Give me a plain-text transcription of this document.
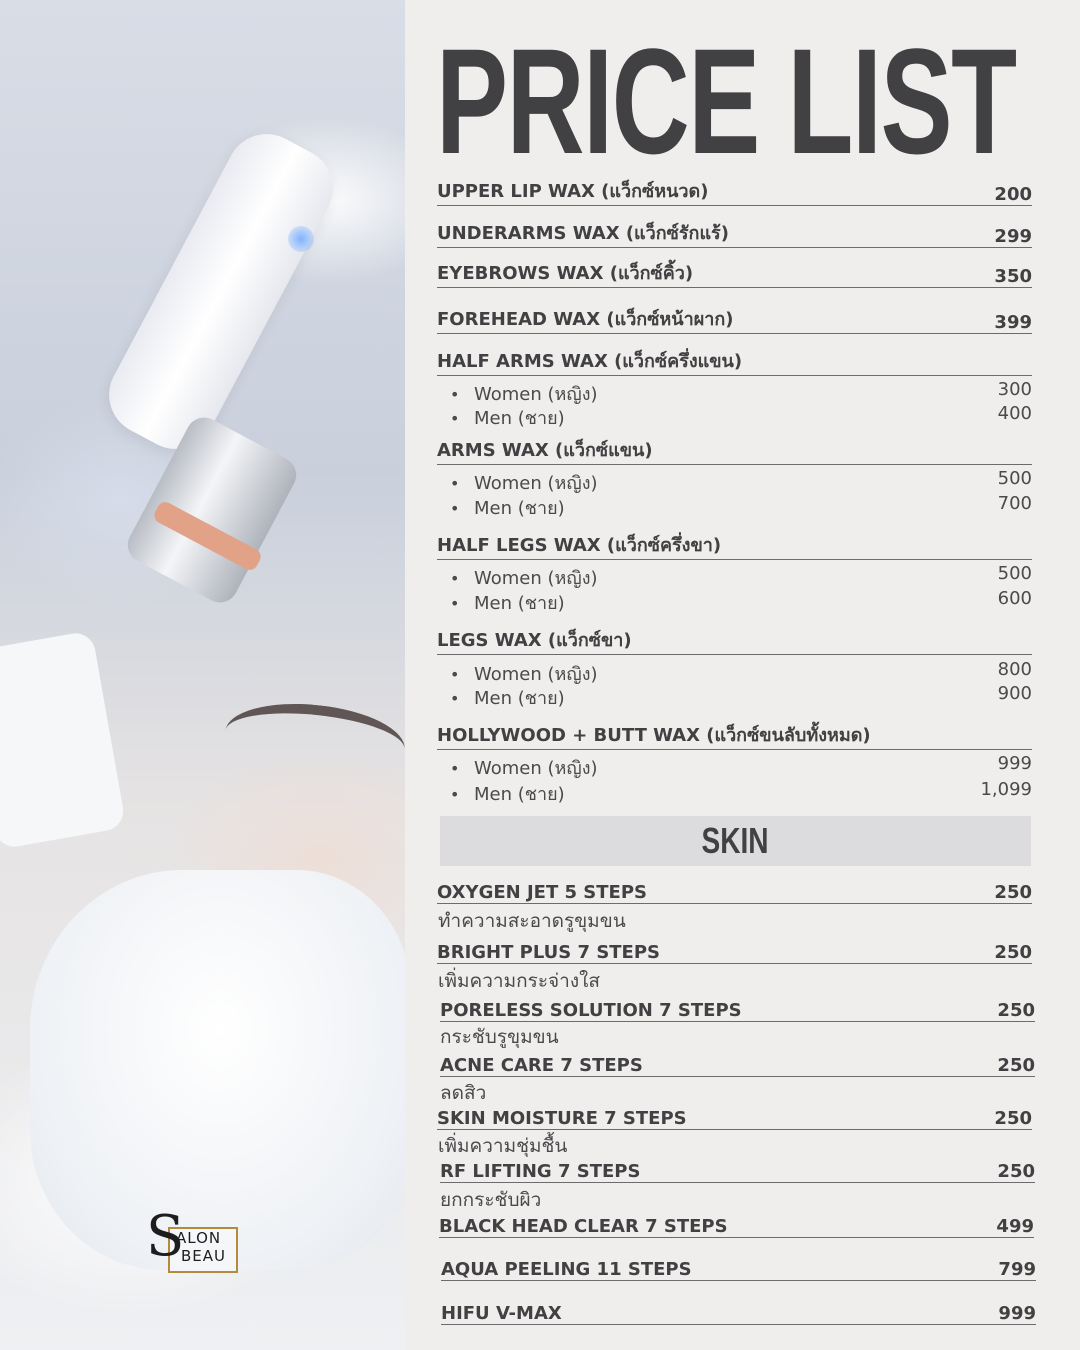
S
ALON
BEAU
PRICE LIST
UPPER LIP WAX (แว็กซ์หนวด)	200
UNDERARMS WAX (แว็กซ์รักแร้)	299
EYEBROWS WAX (แว็กซ์คิ้ว)	350
FOREHEAD WAX (แว็กซ์หน้าผาก)	399
HALF ARMS WAX (แว็กซ์ครึ่งแขน)
• Women (หญิง)	300
• Men (ชาย)	400
ARMS WAX (แว็กซ์แขน)
• Women (หญิง)	500
• Men (ชาย)	700
HALF LEGS WAX (แว็กซ์ครึ่งขา)
• Women (หญิง)	500
• Men (ชาย)	600
LEGS WAX (แว็กซ์ขา)
• Women (หญิง)	800
• Men (ชาย)	900
HOLLYWOOD + BUTT WAX (แว็กซ์ขนลับทั้งหมด)
• Women (หญิง)	999
• Men (ชาย)	1,099
SKIN
OXYGEN JET 5 STEPS	250
ทำความสะอาดรูขุมขน
BRIGHT PLUS 7 STEPS	250
เพิ่มความกระจ่างใส
PORELESS SOLUTION 7 STEPS	250
กระชับรูขุมขน
ACNE CARE 7 STEPS	250
ลดสิว
SKIN MOISTURE 7 STEPS	250
เพิ่มความชุ่มชื้น
RF LIFTING 7 STEPS	250
ยกกระชับผิว
BLACK HEAD CLEAR 7 STEPS	499
AQUA PEELING 11 STEPS	799
HIFU V-MAX	999
